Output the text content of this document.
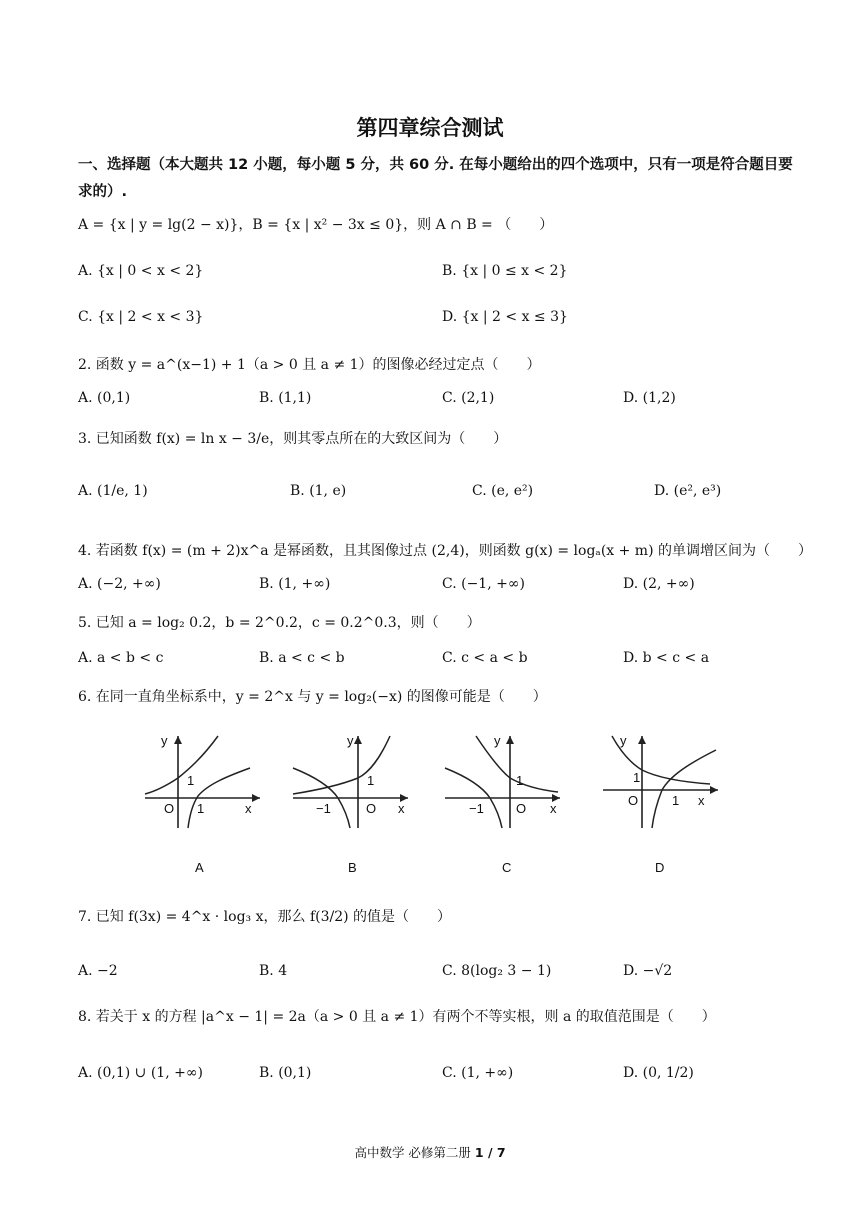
第四章综合测试
一、选择题（本大题共 12 小题，每小题 5 分，共 60 分. 在每小题给出的四个选项中，只有一项是符合题目要求的）.
A = {x | y = lg(2 − x)}，B = {x | x² − 3x ≤ 0}，则 A ∩ B = （　　）
A. {x | 0 < x < 2}	B. {x | 0 ≤ x < 2}
C. {x | 2 < x < 3}	D. {x | 2 < x ≤ 3}
2. 函数 y = a^(x−1) + 1（a > 0 且 a ≠ 1）的图像必经过定点（　　）
A. (0,1)	B. (1,1)	C. (2,1)	D. (1,2)
3. 已知函数 f(x) = ln x − 3/e，则其零点所在的大致区间为（　　）
A. (1/e, 1)	B. (1, e)	C. (e, e²)	D. (e², e³)
4. 若函数 f(x) = (m + 2)x^a 是幂函数，且其图像过点 (2,4)，则函数 g(x) = logₐ(x + m) 的单调增区间为（　　）
A. (−2, +∞)	B. (1, +∞)	C. (−1, +∞)	D. (2, +∞)
5. 已知 a = log₂ 0.2，b = 2^0.2，c = 0.2^0.3，则（　　）
A. a < b < c	B. a < c < b	C. c < a < b	D. b < c < a
6. 在同一直角坐标系中，y = 2^x 与 y = log₂(−x) 的图像可能是（　　）
y
1
O 1	x
A
y
1
−1	O x
B
y
1
−1 O x
C
y
1
O	1 x
D
7. 已知 f(3x) = 4^x · log₃ x，那么 f(3/2) 的值是（　　）
A. −2	B. 4	C. 8(log₂ 3 − 1)	D. −√2
8. 若关于 x 的方程 |a^x − 1| = 2a（a > 0 且 a ≠ 1）有两个不等实根，则 a 的取值范围是（　　）
A. (0,1) ∪ (1, +∞)	B. (0,1)	C. (1, +∞)	D. (0, 1/2)
高中数学 必修第二册 1 / 7
